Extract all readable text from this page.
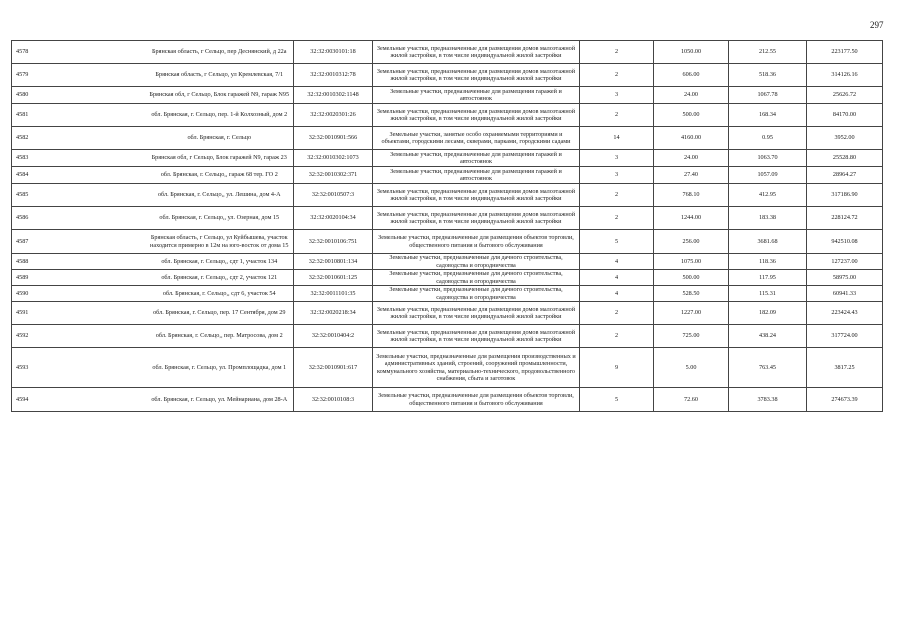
297
4578	Брянская область, г Сельцо, пер Деснянский, д 22а	32:32:0030101:18	Земельные участки, предназначенные для размещения домов малоэтажной жилой застройки, в том числе индивидуальной жилой застройки	2	1050.00	212.55	223177.50
4579	Брянская область, г Сельцо, ул Кремлевская, 7/1	32:32:0010312:78	Земельные участки, предназначенные для размещения домов малоэтажной жилой застройки, в том числе индивидуальной жилой застройки	2	606.00	518.36	314126.16
4580	Брянская обл, г Сельцо, Блок гаражей N9, гараж N95	32:32:0010302:1148	Земельные участки, предназначенные для размещения гаражей и автостоянок	3	24.00	1067.78	25626.72
4581	обл. Брянская, г. Сельцо, пер. 1-й Колхозный, дом 2	32:32:0020301:26	Земельные участки, предназначенные для размещения домов малоэтажной жилой застройки, в том числе индивидуальной жилой застройки	2	500.00	168.34	84170.00
4582	обл. Брянская, г. Сельцо	32:32:0010901:566	Земельные участки, занятые особо охраняемыми территориями и объектами, городскими лесами, скверами, парками, городскими садами	14	4160.00	0.95	3952.00
4583	Брянская обл, г Сельцо, Блок гаражей N9, гараж 23	32:32:0010302:1073	Земельные участки, предназначенные для размещения гаражей и автостоянок	3	24.00	1063.70	25528.80
4584	обл. Брянская, г. Сельцо,, гараж 68 тер. ГО 2	32:32:0010302:371	Земельные участки, предназначенные для размещения гаражей и автостоянок	3	27.40	1057.09	28964.27
4585	обл. Брянская, г. Сельцо,, ул. Лешина, дом 4-А	32:32:0010507:3	Земельные участки, предназначенные для размещения домов малоэтажной жилой застройки, в том числе индивидуальной жилой застройки	2	768.10	412.95	317186.90
4586	обл. Брянская, г. Сельцо,, ул. Озерная, дом 15	32:32:0020104:34	Земельные участки, предназначенные для размещения домов малоэтажной жилой застройки, в том числе индивидуальной жилой застройки	2	1244.00	183.38	228124.72
4587	Брянская область, г Сельцо, ул Куйбышева, участок находится примерно в 12м на юго-восток от дома 15	32:32:0010106:751	Земельные участки, предназначенные для размещения объектов торговли, общественного питания и бытового обслуживания	5	256.00	3681.68	942510.08
4588	обл. Брянская, г. Сельцо,, сдт 1, участок 134	32:32:0010801:134	Земельные участки, предназначенные для дачного строительства, садоводства и огородничества	4	1075.00	118.36	127237.00
4589	обл. Брянская, г. Сельцо,, сдт 2, участок 121	32:32:0010601:125	Земельные участки, предназначенные для дачного строительства, садоводства и огородничества	4	500.00	117.95	58975.00
4590	обл. Брянская, г. Сельцо,, сдт 6, участок 54	32:32:0011101:35	Земельные участки, предназначенные для дачного строительства, садоводства и огородничества	4	528.50	115.31	60941.33
4591	обл. Брянская, г. Сельцо, пер. 17 Сентября, дом 29	32:32:0020218:34	Земельные участки, предназначенные для размещения домов малоэтажной жилой застройки, в том числе индивидуальной жилой застройки	2	1227.00	182.09	223424.43
4592	обл. Брянская, г. Сельцо,, пер. Матросова, дом 2	32:32:0010404:2	Земельные участки, предназначенные для размещения домов малоэтажной жилой застройки, в том числе индивидуальной жилой застройки	2	725.00	438.24	317724.00
4593	обл. Брянская, г. Сельцо, ул. Промплощадка, дом 1	32:32:0010901:617	Земельные участки, предназначенные для размещения производственных и административных зданий, строений, сооружений промышленности, коммунального хозяйства, материально-технического, продовольственного снабжения, сбыта и заготовок	9	5.00	763.45	3817.25
4594	обл. Брянская, г. Сельцо, ул. Мейнариана, дом 28-А	32:32:0010108:3	Земельные участки, предназначенные для размещения объектов торговли, общественного питания и бытового обслуживания	5	72.60	3783.38	274673.39
